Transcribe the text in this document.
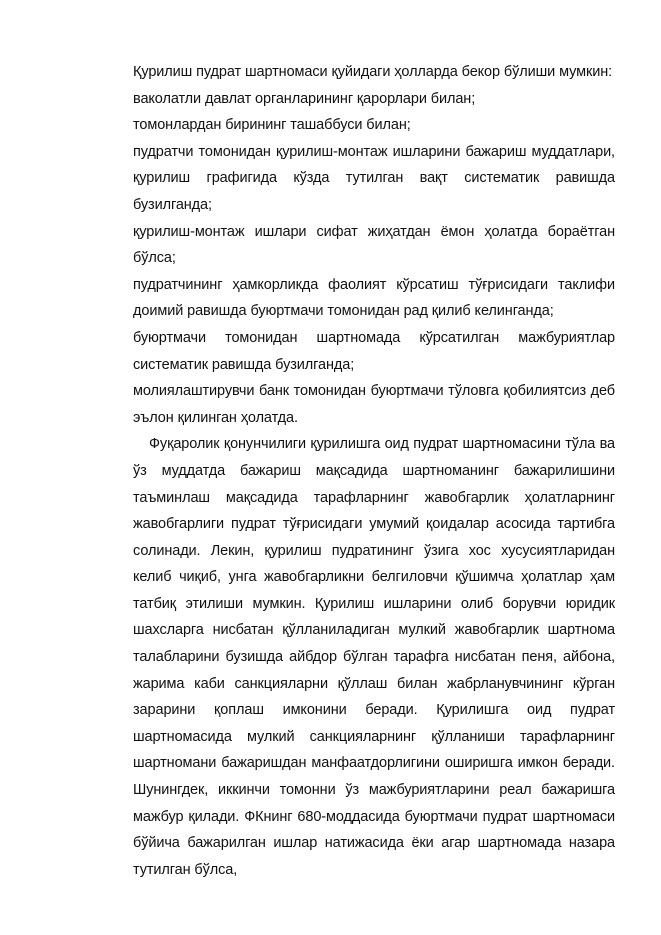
Қурилиш пудрат шартномаси қуйидаги ҳолларда бекор бўлиши мумкин:

ваколатли давлат органларининг қарорлари билан;

томонлардан бирининг ташаббуси билан;

пудратчи томонидан қурилиш-монтаж ишларини бажариш муддатлари, қурилиш графигида кўзда тутилган вақт систематик равишда бузилганда;

қурилиш-монтаж ишлари сифат жиҳатдан ёмон ҳолатда бораётган бўлса;

пудратчининг ҳамкорликда фаолият кўрсатиш тўғрисидаги таклифи доимий равишда буюртмачи томонидан рад қилиб келинганда;

буюртмачи томонидан шартномада кўрсатилган мажбуриятлар систематик равишда бузилганда;

молиялаштирувчи банк томонидан буюртмачи тўловга қобилиятсиз деб эълон қилинган ҳолатда.

Фуқаролик қонунчилиги қурилишга оид пудрат шартномасини тўла ва ўз муддатда бажариш мақсадида шартноманинг бажарилишини таъминлаш мақсадида тарафларнинг жавобгарлик ҳолатларнинг жавобгарлиги пудрат тўғрисидаги умумий қоидалар асосида тартибга солинади. Лекин, қурилиш пудратининг ўзига хос хусусиятларидан келиб чиқиб, унга жавобгарликни белгиловчи қўшимча ҳолатлар ҳам татбиқ этилиши мумкин. Қурилиш ишларини олиб борувчи юридик шахсларга нисбатан қўлланиладиган мулкий жавобгарлик шартнома талабларини бузишда айбдор бўлган тарафга нисбатан пеня, айбона, жарима каби санкцияларни қўллаш билан жабрланувчининг кўрган зарарини қоплаш имконини беради. Қурилишга оид пудрат шартномасида мулкий санкцияларнинг қўлланиши тарафларнинг шартномани бажаришдан манфаатдорлигини оширишга имкон беради. Шунингдек, иккинчи томонни ўз мажбуриятларини реал бажаришга мажбур қилади. ФКнинг 680-моддасида буюртмачи пудрат шартномаси бўйича бажарилган ишлар натижасида ёки агар шартномада назара тутилган бўлса,
